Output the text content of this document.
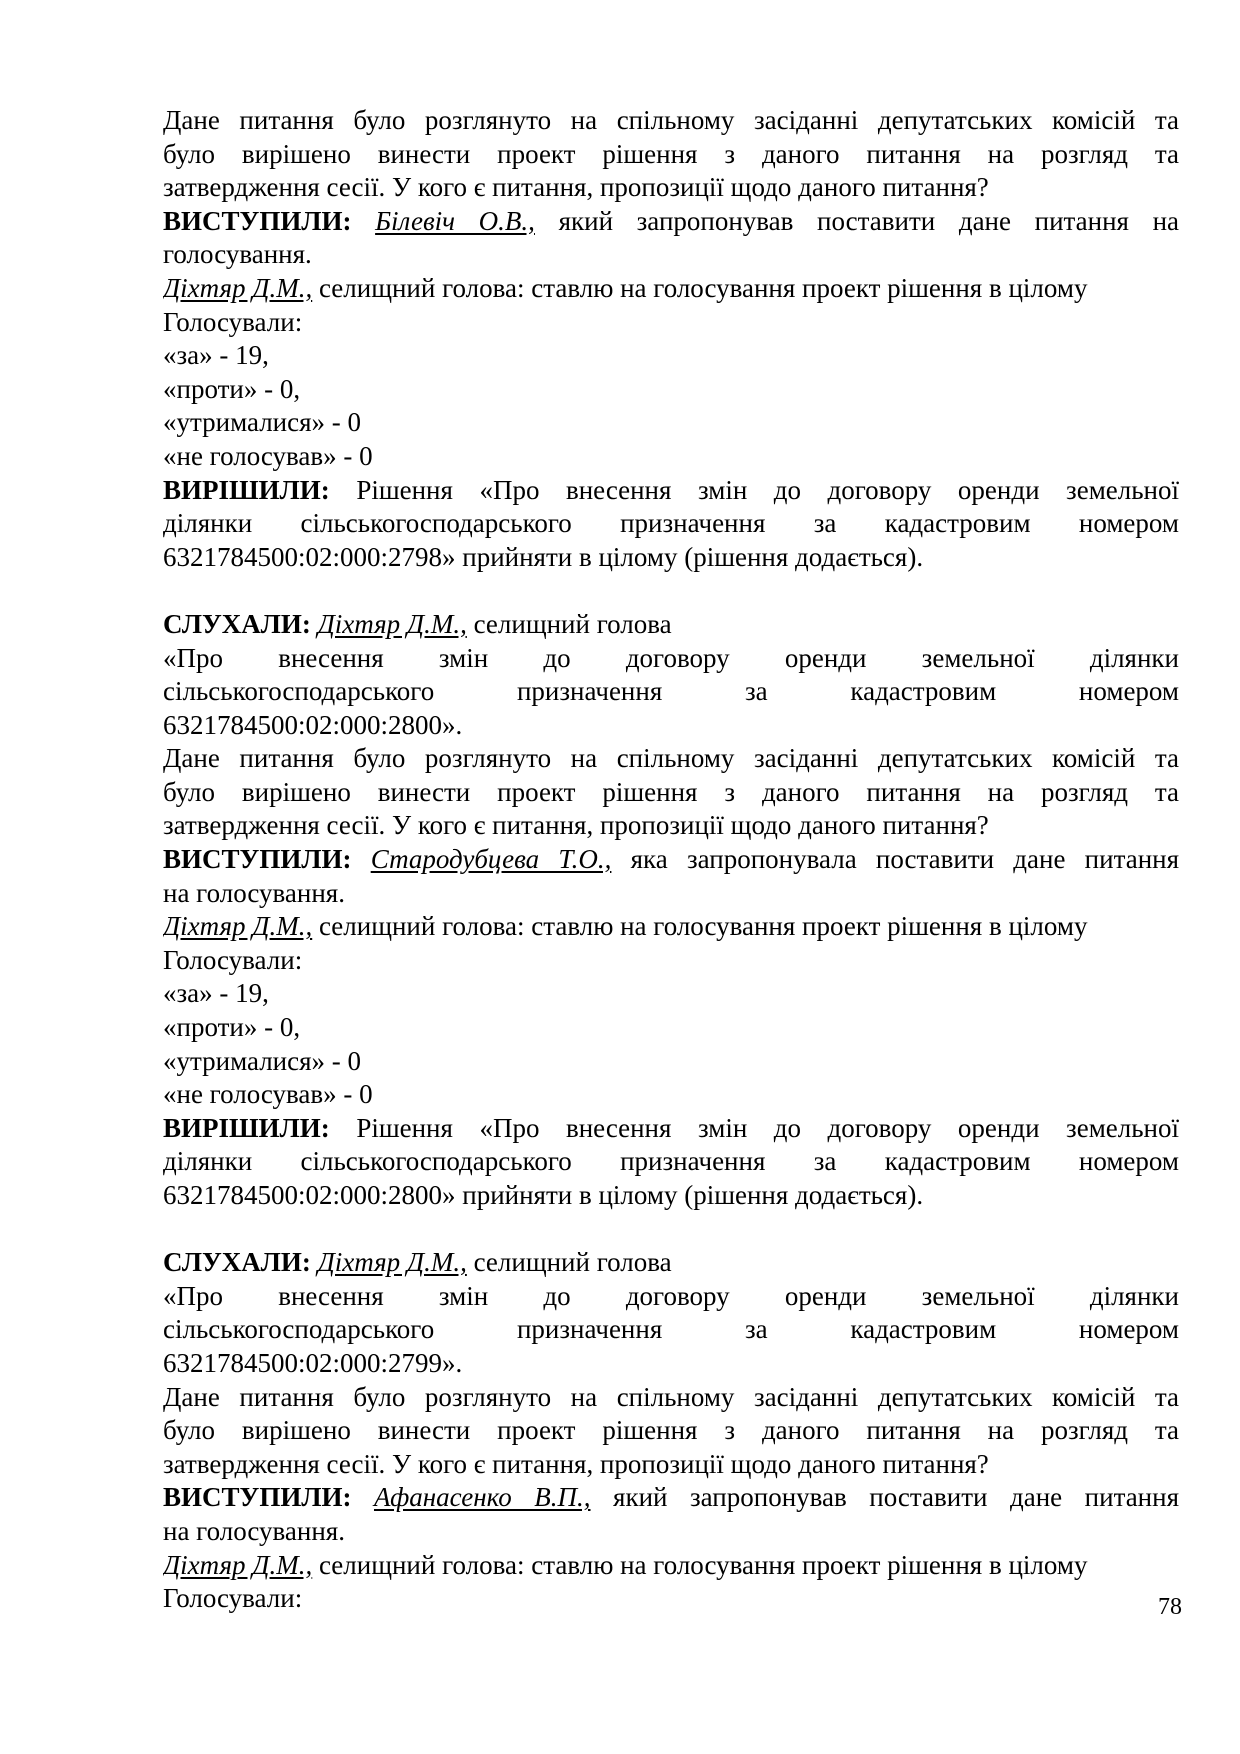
Дане питання було розглянуто на спільному засіданні депутатських комісій та
було вирішено винести проект рішення з даного питання на розгляд та
затвердження сесії. У кого є питання, пропозиції щодо даного питання?
ВИСТУПИЛИ: Білевіч О.В., який запропонував поставити дане питання на
голосування.
Діхтяр Д.М., селищний голова: ставлю на голосування проект рішення в цілому
Голосували:
«за» - 19,
«проти» - 0,
«утрималися» - 0
«не голосував» - 0
ВИРІШИЛИ: Рішення «Про внесення змін до договору оренди земельної
ділянки сільськогосподарського призначення за кадастровим номером
6321784500:02:000:2798» прийняти в цілому (рішення додається).
СЛУХАЛИ: Діхтяр Д.М., селищний голова
«Про внесення змін до договору оренди земельної ділянки
сільськогосподарського призначення за кадастровим номером
6321784500:02:000:2800».
Дане питання було розглянуто на спільному засіданні депутатських комісій та
було вирішено винести проект рішення з даного питання на розгляд та
затвердження сесії. У кого є питання, пропозиції щодо даного питання?
ВИСТУПИЛИ: Стародубцева Т.О., яка запропонувала поставити дане питання
на голосування.
Діхтяр Д.М., селищний голова: ставлю на голосування проект рішення в цілому
Голосували:
«за» - 19,
«проти» - 0,
«утрималися» - 0
«не голосував» - 0
ВИРІШИЛИ: Рішення «Про внесення змін до договору оренди земельної
ділянки сільськогосподарського призначення за кадастровим номером
6321784500:02:000:2800» прийняти в цілому (рішення додається).
СЛУХАЛИ: Діхтяр Д.М., селищний голова
«Про внесення змін до договору оренди земельної ділянки
сільськогосподарського призначення за кадастровим номером
6321784500:02:000:2799».
Дане питання було розглянуто на спільному засіданні депутатських комісій та
було вирішено винести проект рішення з даного питання на розгляд та
затвердження сесії. У кого є питання, пропозиції щодо даного питання?
ВИСТУПИЛИ: Афанасенко В.П., який запропонував поставити дане питання
на голосування.
Діхтяр Д.М., селищний голова: ставлю на голосування проект рішення в цілому
Голосували:	78
